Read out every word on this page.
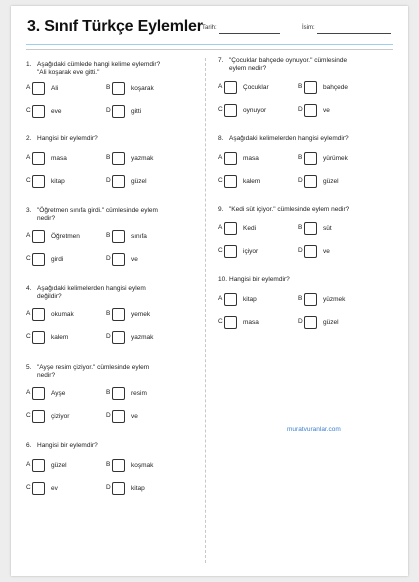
3. Sınıf Türkçe Eylemler Tarih:	İsim:
1. Aşağıdaki cümlede hangi kelime eylemdir?
"Ali koşarak eve gitti."
A	Ali	B	koşarak
C	eve	D	gitti
2. Hangisi bir eylemdir?
A	masa	B	yazmak
C	kitap	D	güzel
3. "Öğretmen sınıfa girdi." cümlesinde eylem
nedir?
A	Öğretmen	B	sınıfa
C	girdi	D	ve
4. Aşağıdaki kelimelerden hangisi eylem
değildir?
A	okumak	B	yemek
C	kalem	D	yazmak
5. "Ayşe resim çiziyor." cümlesinde eylem
nedir?
A	Ayşe	B	resim
C	çiziyor	D	ve
6. Hangisi bir eylemdir?
A	güzel	B	koşmak
C	ev	D	kitap
7. "Çocuklar bahçede oynuyor." cümlesinde
eylem nedir?
A	Çocuklar	B	bahçede
C	oynuyor	D	ve
8. Aşağıdaki kelimelerden hangisi eylemdir?
A	masa	B	yürümek
C	kalem	D	güzel
9. "Kedi süt içiyor." cümlesinde eylem nedir?
A	Kedi	B	süt
C	içiyor	D	ve
10. Hangisi bir eylemdir?
A	kitap	B	yüzmek
C	masa	D	güzel
muratvuranlar.com
